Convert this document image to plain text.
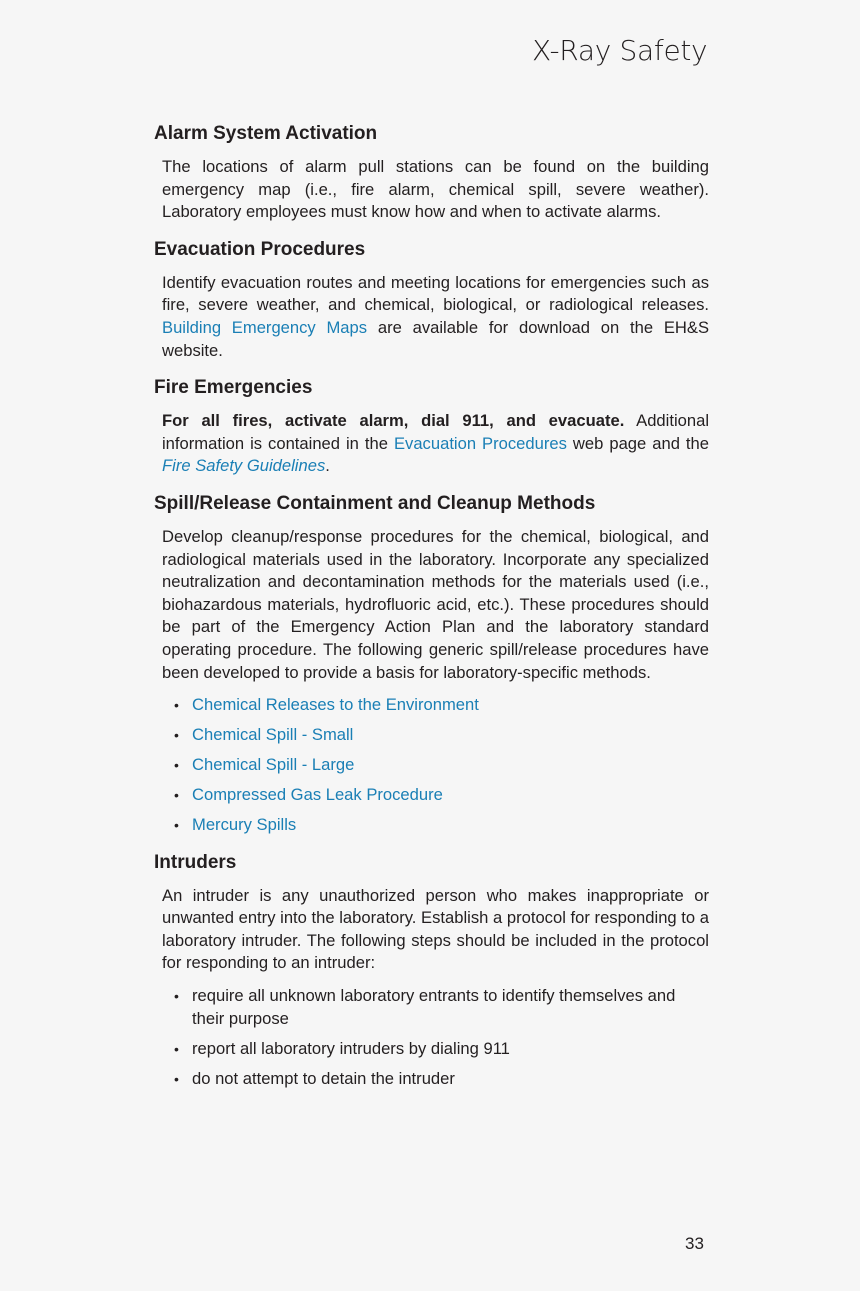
X-Ray Safety
Alarm System Activation

The locations of alarm pull stations can be found on the building emergency map (i.e., fire alarm, chemical spill, severe weather). Laboratory employees must know how and when to activate alarms.

Evacuation Procedures

Identify evacuation routes and meeting locations for emergencies such as fire, severe weather, and chemical, biological, or radiological releases. Building Emergency Maps are available for download on the EH&S website.

Fire Emergencies

For all fires, activate alarm, dial 911, and evacuate. Additional information is contained in the Evacuation Procedures web page and the Fire Safety Guidelines.

Spill/Release Containment and Cleanup Methods

Develop cleanup/response procedures for the chemical, biological, and radiological materials used in the laboratory. Incorporate any specialized neutralization and decontamination methods for the materials used (i.e., biohazardous materials, hydrofluoric acid, etc.). These procedures should be part of the Emergency Action Plan and the laboratory standard operating procedure. The following generic spill/release procedures have been developed to provide a basis for laboratory-specific methods.

• Chemical Releases to the Environment
• Chemical Spill - Small
• Chemical Spill - Large
• Compressed Gas Leak Procedure
• Mercury Spills
Intruders

An intruder is any unauthorized person who makes inappropriate or unwanted entry into the laboratory. Establish a protocol for responding to a laboratory intruder. The following steps should be included in the protocol for responding to an intruder:

• require all unknown laboratory entrants to identify themselves and their purpose
• report all laboratory intruders by dialing 911
• do not attempt to detain the intruder
33
